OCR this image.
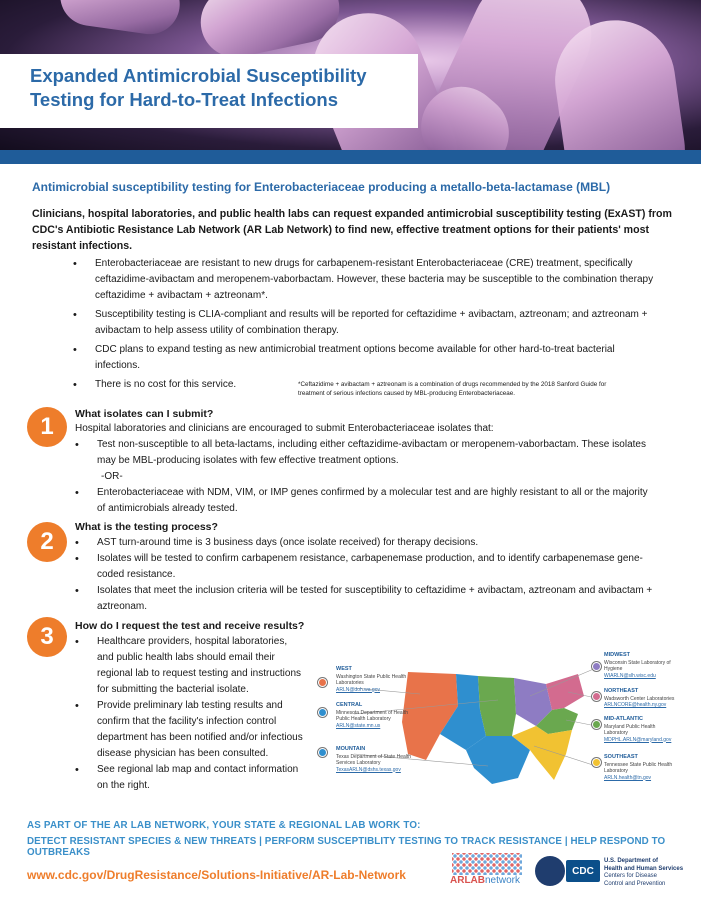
Expanded Antimicrobial Susceptibility
Testing for Hard-to-Treat Infections
Antimicrobial susceptibility testing for Enterobacteriaceae producing a metallo-beta-lactamase (MBL)
Clinicians, hospital laboratories, and public health labs can request expanded antimicrobial susceptibility testing (ExAST) from CDC's Antibiotic Resistance Lab Network (AR Lab Network) to find new, effective treatment options for their patients' most resistant infections.
• Enterobacteriaceae are resistant to new drugs for carbapenem-resistant Enterobacteriaceae (CRE) treatment, specifically ceftazidime-avibactam and meropenem-vaborbactam. However, these bacteria may be susceptible to the combination therapy ceftazidime + avibactam + aztreonam*.
• Susceptibility testing is CLIA-compliant and results will be reported for ceftazidime + avibactam, aztreonam; and aztreonam + avibactam to help assess utility of combination therapy.
• CDC plans to expand testing as new antimicrobial treatment options become available for other hard-to-treat bacterial infections.
• There is no cost for this service.	*Ceftazidime + avibactam + aztreonam is a combination of drugs recommended by the 2018 Sanford Guide for treatment of serious infections caused by MBL-producing Enterobacteriaceae.
1	What isolates can I submit?
Hospital laboratories and clinicians are encouraged to submit Enterobacteriaceae isolates that:
• Test non-susceptible to all beta-lactams, including either ceftazidime-avibactam or meropenem-vaborbactam. These isolates may be MBL-producing isolates with few effective treatment options.
-OR-
• Enterobacteriaceae with NDM, VIM, or IMP genes confirmed by a molecular test and are highly resistant to all or the majority of antimicrobials already tested.
2
What is the testing process?
• AST turn-around time is 3 business days (once isolate received) for therapy decisions.
• Isolates will be tested to confirm carbapenem resistance, carbapenemase production, and to identify carbapenemase gene-coded resistance.
• Isolates that meet the inclusion criteria will be tested for susceptibility to ceftazidime + avibactam, aztreonam and avibactam + aztreonam.
3	How do I request the test and receive results?
• Healthcare providers, hospital laboratories, and public health labs should email their regional lab to request testing and instructions for submitting the bacterial isolate.
• Provide preliminary lab testing results and confirm that the facility's infection control department has been notified and/or infectious disease physician has been consulted.
• See regional lab map and contact information on the right.
WEST
Washington State Public Health Laboratories
ARLN@doh.wa.gov
CENTRAL
Minnesota Department of Health Public Health Laboratory
ARLN@state.mn.us
MOUNTAIN
Texas Department of State Health Services Laboratory
TexasARLN@dshs.texas.gov
MIDWEST
Wisconsin State Laboratory of Hygiene
WIARLN@slh.wisc.edu
NORTHEAST
Wadsworth Center Laboratories
ARLNCORE@health.ny.gov
MID-ATLANTIC
Maryland Public Health Laboratory
MDPHL.ARLN@maryland.gov
SOUTHEAST
Tennessee State Public Health Laboratory
ARLN.health@tn.gov
AS PART OF THE AR LAB NETWORK, YOUR STATE & REGIONAL LAB WORK TO:
DETECT RESISTANT SPECIES & NEW THREATS | PERFORM SUSCEPTIBLITY TESTING TO TRACK RESISTANCE | HELP RESPOND TO OUTBREAKS
www.cdc.gov/DrugResistance/Solutions-Initiative/AR-Lab-Network	ARLABnetwork
CDC
U.S. Department of
Health and Human Services
Centers for Disease
Control and Prevention
